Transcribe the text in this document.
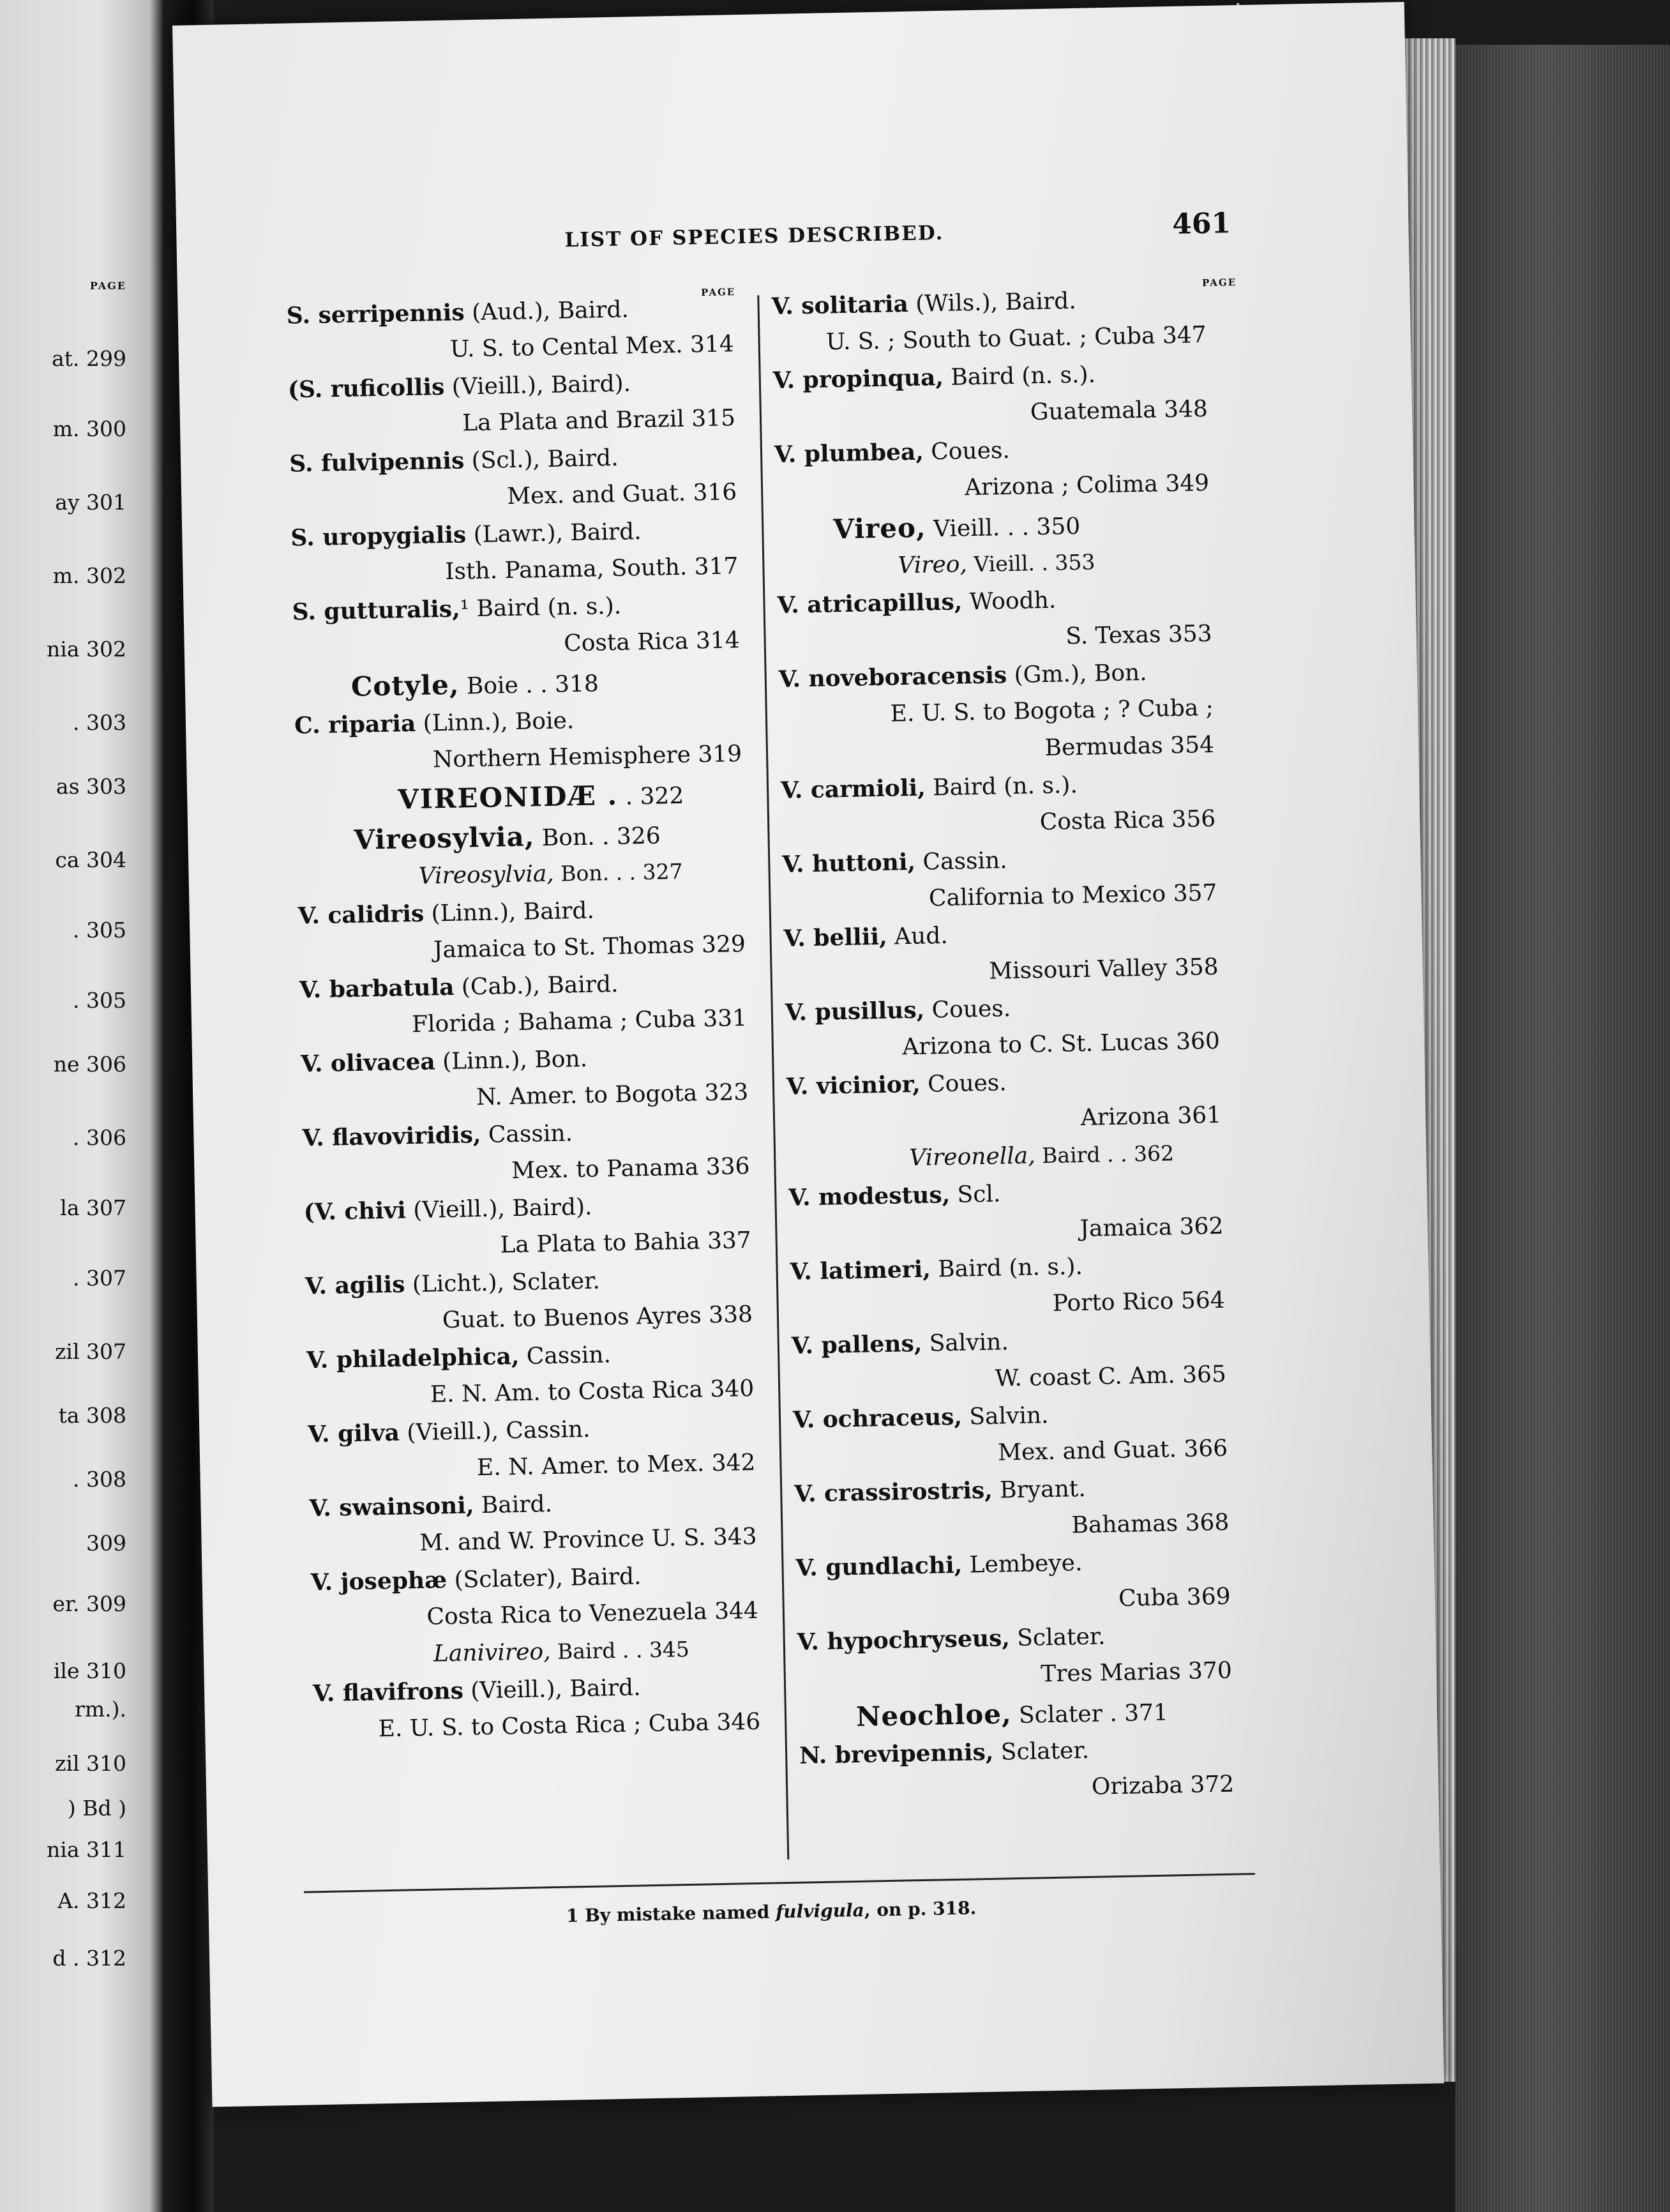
PAGE
at. 299
m. 300
ay 301
m. 302
nia 302
. 303
as 303
ca 304
. 305
. 305
ne 306
. 306
la 307
. 307
zil 307
ta 308
. 308
309
er. 309
ile 310
rm.).
zil 310
) Bd )
nia 311
A. 312
d . 312
LIST OF SPECIES DESCRIBED.	461
PAGE
PAGE
S. serripennis (Aud.), Baird.
U. S. to Cental Mex. 314
(S. ruficollis (Vieill.), Baird).
La Plata and Brazil 315
S. fulvipennis (Scl.), Baird.
Mex. and Guat. 316
S. uropygialis (Lawr.), Baird.
Isth. Panama, South. 317
S. gutturalis,¹ Baird (n. s.).
Costa Rica 314
Cotyle, Boie . . 318
C. riparia (Linn.), Boie.
Northern Hemisphere 319
VIREONIDÆ . . 322
Vireosylvia, Bon. . 326
Vireosylvia, Bon. . . 327
V. calidris (Linn.), Baird.
Jamaica to St. Thomas 329
V. barbatula (Cab.), Baird.
Florida ; Bahama ; Cuba 331
V. olivacea (Linn.), Bon.
N. Amer. to Bogota 323
V. flavoviridis, Cassin.
Mex. to Panama 336
(V. chivi (Vieill.), Baird).
La Plata to Bahia 337
V. agilis (Licht.), Sclater.
Guat. to Buenos Ayres 338
V. philadelphica, Cassin.
E. N. Am. to Costa Rica 340
V. gilva (Vieill.), Cassin.
E. N. Amer. to Mex. 342
V. swainsoni, Baird.
M. and W. Province U. S. 343
V. josephæ (Sclater), Baird.
Costa Rica to Venezuela 344
Lanivireo, Baird . . 345
V. flavifrons (Vieill.), Baird.
E. U. S. to Costa Rica ; Cuba 346
V. solitaria (Wils.), Baird.
U. S. ; South to Guat. ; Cuba 347
V. propinqua, Baird (n. s.).
Guatemala 348
V. plumbea, Coues.
Arizona ; Colima 349
Vireo, Vieill. . . 350
Vireo, Vieill. . 353
V. atricapillus, Woodh.
S. Texas 353
V. noveboracensis (Gm.), Bon.
E. U. S. to Bogota ; ? Cuba ;
Bermudas 354
V. carmioli, Baird (n. s.).
Costa Rica 356
V. huttoni, Cassin.
California to Mexico 357
V. bellii, Aud.
Missouri Valley 358
V. pusillus, Coues.
Arizona to C. St. Lucas 360
V. vicinior, Coues.
Arizona 361
Vireonella, Baird . . 362
V. modestus, Scl.
Jamaica 362
V. latimeri, Baird (n. s.).
Porto Rico 564
V. pallens, Salvin.
W. coast C. Am. 365
V. ochraceus, Salvin.
Mex. and Guat. 366
V. crassirostris, Bryant.
Bahamas 368
V. gundlachi, Lembeye.
Cuba 369
V. hypochryseus, Sclater.
Tres Marias 370
Neochloe, Sclater . 371
N. brevipennis, Sclater.
Orizaba 372
1 By mistake named fulvigula, on p. 318.
